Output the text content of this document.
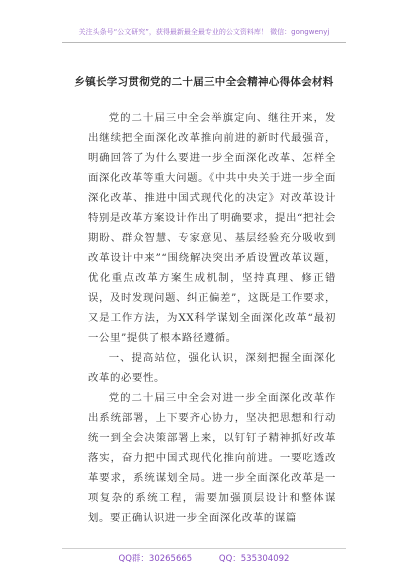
关注头条号“公文研究”，获得最新最全最专业的公文资料库！ 微信：gongwenyj
乡镇长学习贯彻党的二十届三中全会精神心得体会材料

党的二十届三中全会举旗定向、继往开来，发出继续把全面深化改革推向前进的新时代最强音，明确回答了为什么要进一步全面深化改革、怎样全面深化改革等重大问题。《中共中央关于进一步全面深化改革、推进中国式现代化的决定》对改革设计特别是改革方案设计作出了明确要求，提出“把社会期盼、群众智慧、专家意见、基层经验充分吸收到改革设计中来”“围绕解决突出矛盾设置改革议题，优化重点改革方案生成机制，坚持真理、修正错误，及时发现问题、纠正偏差”，这既是工作要求，又是工作方法，为XX科学谋划全面深化改革“最初一公里”提供了根本路径遵循。

一、提高站位，强化认识，深刻把握全面深化改革的必要性。

党的二十届三中全会对进一步全面深化改革作出系统部署，上下要齐心协力，坚决把思想和行动统一到全会决策部署上来，以钉钉子精神抓好改革落实，奋力把中国式现代化推向前进。一要吃透改革要求，系统谋划全局。进一步全面深化改革是一项复杂的系统工程，需要加强顶层设计和整体谋划。要正确认识进一步全面深化改革的谋篇

QQ群：30265665	QQ：535304092
